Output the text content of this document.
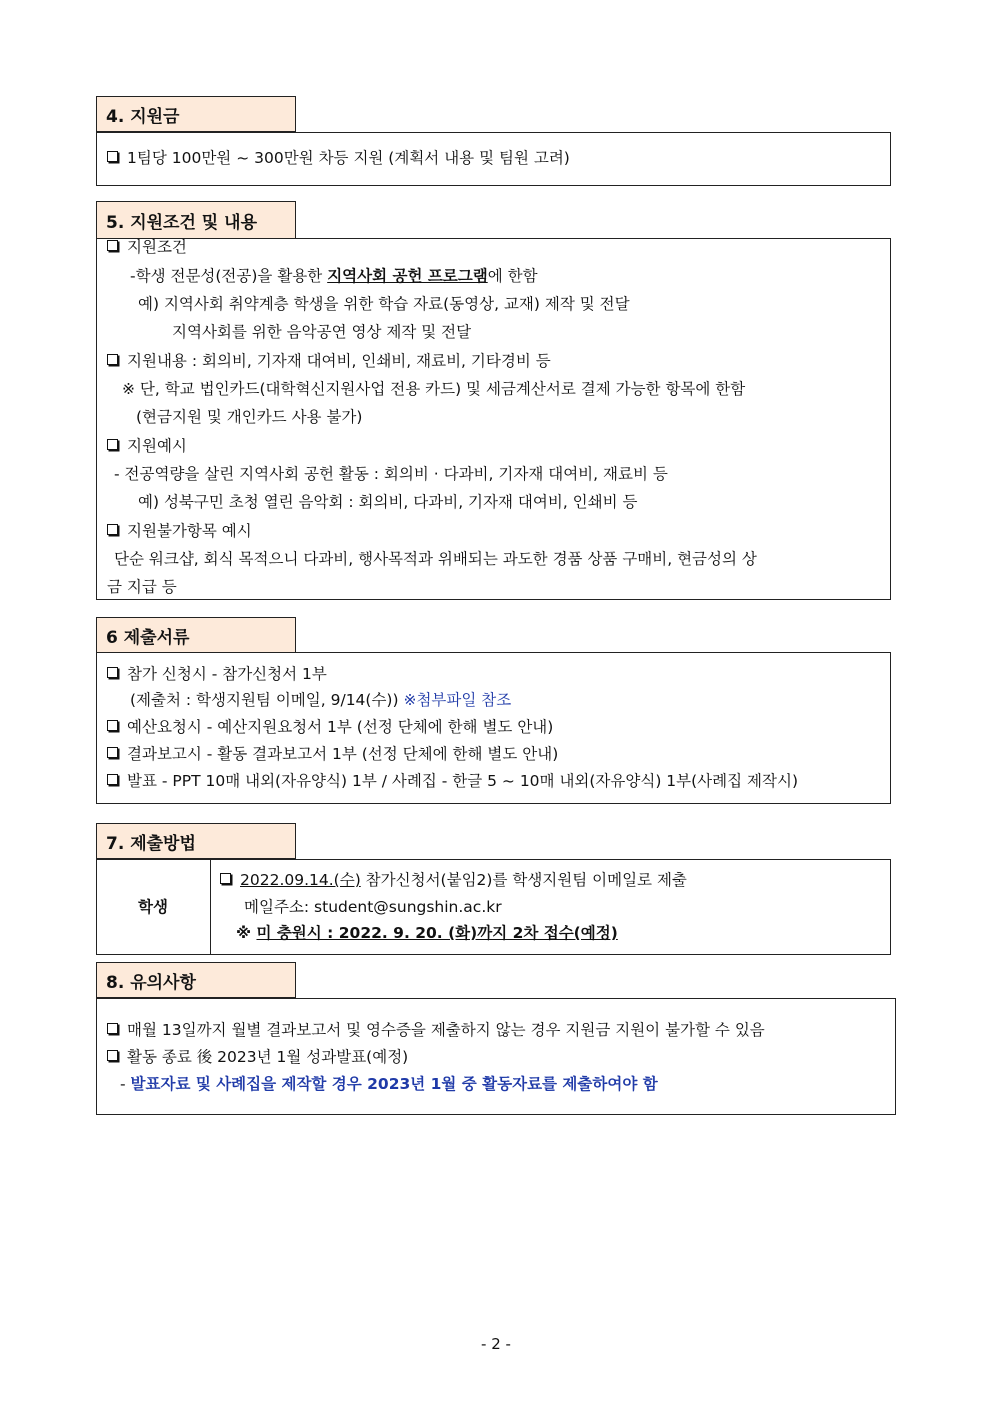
4. 지원금
1팀당 100만원 ~ 300만원 차등 지원 (계획서 내용 및 팀원 고려)
5. 지원조건 및 내용
지원조건
-학생 전문성(전공)을 활용한 지역사회 공헌 프로그램에 한함
예) 지역사회 취약계층 학생을 위한 학습 자료(동영상, 교재) 제작 및 전달
지역사회를 위한 음악공연 영상 제작 및 전달
지원내용 : 회의비, 기자재 대여비, 인쇄비, 재료비, 기타경비 등
※ 단, 학교 법인카드(대학혁신지원사업 전용 카드) 및 세금계산서로 결제 가능한 항목에 한함
(현금지원 및 개인카드 사용 불가)
지원예시
- 전공역량을 살린 지역사회 공헌 활동 : 회의비 · 다과비, 기자재 대여비, 재료비 등
예) 성북구민 초청 열린 음악회 : 회의비, 다과비, 기자재 대여비, 인쇄비 등
지원불가항목 예시
단순 워크샵, 회식 목적으니 다과비, 행사목적과 위배되는 과도한 경품 상품 구매비, 현금성의 상
금 지급 등
6 제출서류
참가 신청시 - 참가신청서 1부
(제출처 : 학생지원팀 이메일, 9/14(수)) ※첨부파일 참조
예산요청시 - 예산지원요청서 1부 (선정 단체에 한해 별도 안내)
결과보고시 - 활동 결과보고서 1부 (선정 단체에 한해 별도 안내)
발표 - PPT 10매 내외(자유양식) 1부 / 사례집 - 한글 5 ~ 10매 내외(자유양식) 1부(사례집 제작시)
7. 제출방법
학생
2022.09.14.(수) 참가신청서(붙임2)를 학생지원팀 이메일로 제출
메일주소: student@sungshin.ac.kr
※ 미 충원시 : 2022. 9. 20. (화)까지 2차 접수(예정)
8. 유의사항
매월 13일까지 월별 결과보고서 및 영수증을 제출하지 않는 경우 지원금 지원이 불가할 수 있음
활동 종료 後 2023년 1월 성과발표(예정)
- 발표자료 및 사례집을 제작할 경우 2023년 1월 중 활동자료를 제출하여야 함
- 2 -
